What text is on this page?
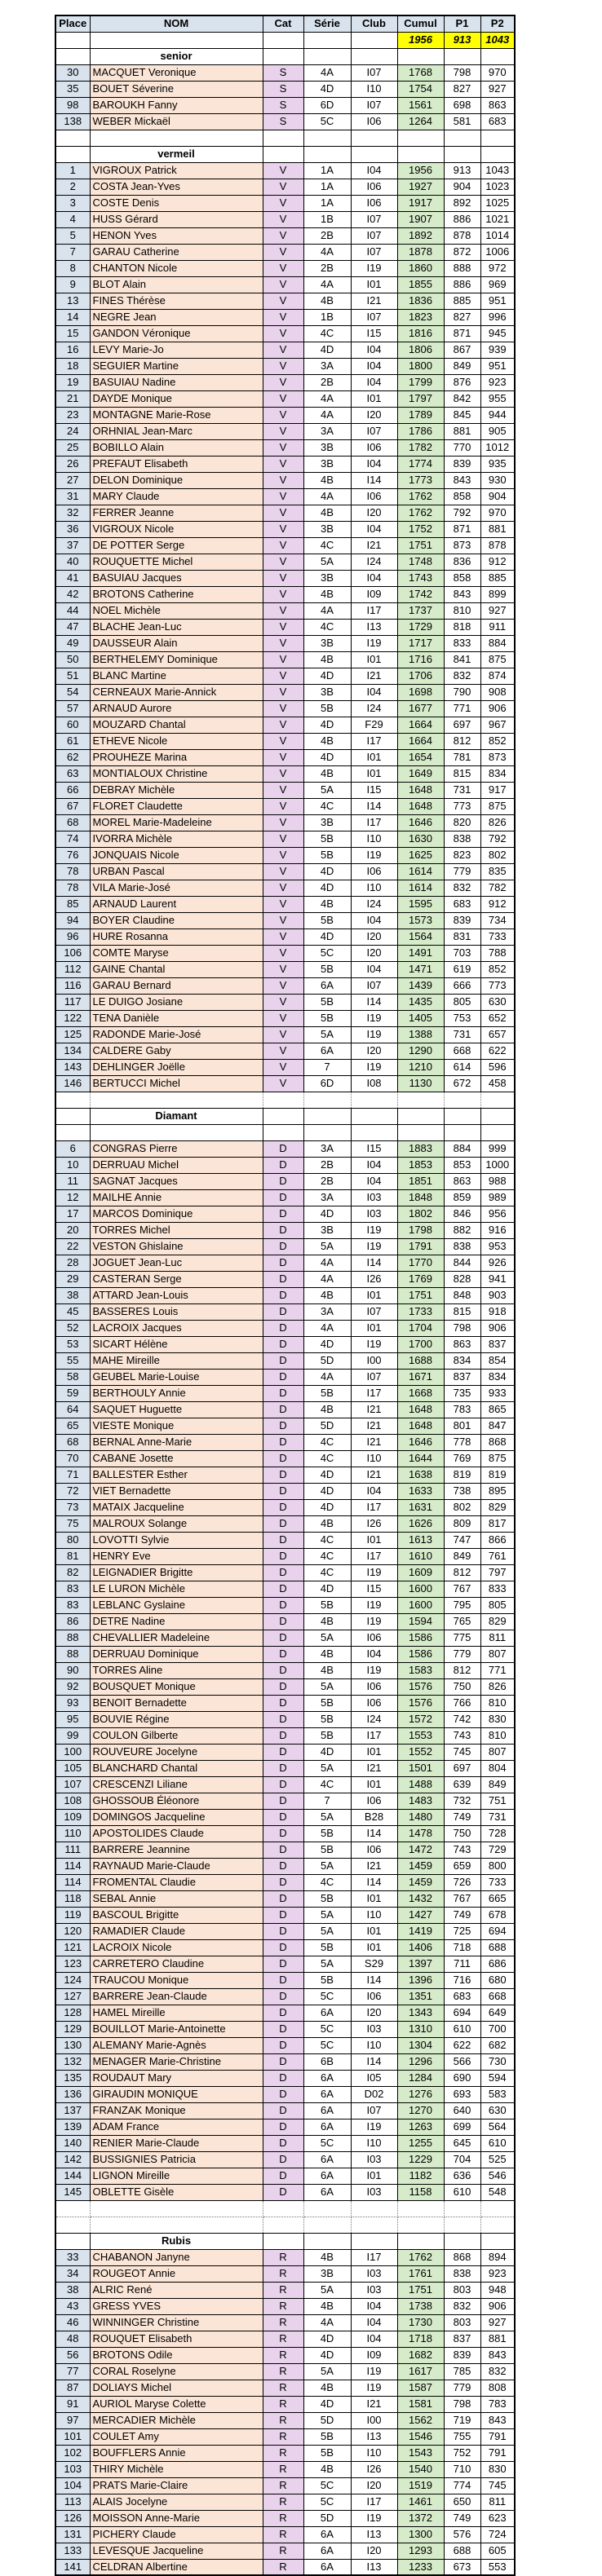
Place	NOM	Cat	Série	Club	Cumul	P1	P2
					1956	913	1043
	senior						
30	MACQUET Veronique	S	4A	I07	1768	798	970
35	BOUET Séverine	S	4D	I10	1754	827	927
98	BAROUKH Fanny	S	6D	I07	1561	698	863
138	WEBER Mickaël	S	5C	I06	1264	581	683

	vermeil						
1	VIGROUX Patrick	V	1A	I04	1956	913	1043
2	COSTA Jean-Yves	V	1A	I06	1927	904	1023
3	COSTE Denis	V	1A	I06	1917	892	1025
4	HUSS Gérard	V	1B	I07	1907	886	1021
5	HENON Yves	V	2B	I07	1892	878	1014
7	GARAU Catherine	V	4A	I07	1878	872	1006
8	CHANTON Nicole	V	2B	I19	1860	888	972
9	BLOT Alain	V	4A	I01	1855	886	969
13	FINES Thérèse	V	4B	I21	1836	885	951
14	NEGRE Jean	V	1B	I07	1823	827	996
15	GANDON Véronique	V	4C	I15	1816	871	945
16	LEVY Marie-Jo	V	4D	I04	1806	867	939
18	SEGUIER Martine	V	3A	I04	1800	849	951
19	BASUIAU Nadine	V	2B	I04	1799	876	923
21	DAYDE Monique	V	4A	I01	1797	842	955
23	MONTAGNE Marie-Rose	V	4A	I20	1789	845	944
24	ORHNIAL Jean-Marc	V	3A	I07	1786	881	905
25	BOBILLO Alain	V	3B	I06	1782	770	1012
26	PREFAUT Elisabeth	V	3B	I04	1774	839	935
27	DELON Dominique	V	4B	I14	1773	843	930
31	MARY Claude	V	4A	I06	1762	858	904
32	FERRER Jeanne	V	4B	I20	1762	792	970
36	VIGROUX Nicole	V	3B	I04	1752	871	881
37	DE POTTER Serge	V	4C	I21	1751	873	878
40	ROUQUETTE Michel	V	5A	I24	1748	836	912
41	BASUIAU Jacques	V	3B	I04	1743	858	885
42	BROTONS Catherine	V	4B	I09	1742	843	899
44	NOEL Michèle	V	4A	I17	1737	810	927
47	BLACHE Jean-Luc	V	4C	I13	1729	818	911
49	DAUSSEUR Alain	V	3B	I19	1717	833	884
50	BERTHELEMY Dominique	V	4B	I01	1716	841	875
51	BLANC Martine	V	4D	I21	1706	832	874
54	CERNEAUX Marie-Annick	V	3B	I04	1698	790	908
57	ARNAUD Aurore	V	5B	I24	1677	771	906
60	MOUZARD Chantal	V	4D	F29	1664	697	967
61	ETHEVE Nicole	V	4B	I17	1664	812	852
62	PROUHEZE Marina	V	4D	I01	1654	781	873
63	MONTIALOUX Christine	V	4B	I01	1649	815	834
66	DEBRAY Michèle	V	5A	I15	1648	731	917
67	FLORET Claudette	V	4C	I14	1648	773	875
68	MOREL Marie-Madeleine	V	3B	I17	1646	820	826
74	IVORRA Michèle	V	5B	I10	1630	838	792
76	JONQUAIS Nicole	V	5B	I19	1625	823	802
78	URBAN Pascal	V	4D	I06	1614	779	835
78	VILA Marie-José	V	4D	I10	1614	832	782
85	ARNAUD Laurent	V	4B	I24	1595	683	912
94	BOYER Claudine	V	5B	I04	1573	839	734
96	HURE Rosanna	V	4D	I20	1564	831	733
106	COMTE Maryse	V	5C	I20	1491	703	788
112	GAINE Chantal	V	5B	I04	1471	619	852
116	GARAU Bernard	V	6A	I07	1439	666	773
117	LE DUIGO Josiane	V	5B	I14	1435	805	630
122	TENA Danièle	V	5B	I19	1405	753	652
125	RADONDE Marie-José	V	5A	I19	1388	731	657
134	CALDERE Gaby	V	6A	I20	1290	668	622
143	DEHLINGER Joëlle	V	7	I19	1210	614	596
146	BERTUCCI Michel	V	6D	I08	1130	672	458

	Diamant						

6	CONGRAS Pierre	D	3A	I15	1883	884	999
10	DERRUAU Michel	D	2B	I04	1853	853	1000
11	SAGNAT Jacques	D	2B	I04	1851	863	988
12	MAILHE Annie	D	3A	I03	1848	859	989
17	MARCOS Dominique	D	4D	I03	1802	846	956
20	TORRES Michel	D	3B	I19	1798	882	916
22	VESTON Ghislaine	D	5A	I19	1791	838	953
28	JOGUET Jean-Luc	D	4A	I14	1770	844	926
29	CASTERAN Serge	D	4A	I26	1769	828	941
38	ATTARD Jean-Louis	D	4B	I01	1751	848	903
45	BASSERES Louis	D	3A	I07	1733	815	918
52	LACROIX Jacques	D	4A	I01	1704	798	906
53	SICART Hélène	D	4D	I19	1700	863	837
55	MAHE Mireille	D	5D	I00	1688	834	854
58	GEUBEL Marie-Louise	D	4A	I07	1671	837	834
59	BERTHOULY Annie	D	5B	I17	1668	735	933
64	SAQUET Huguette	D	4B	I21	1648	783	865
65	VIESTE Monique	D	5D	I21	1648	801	847
68	BERNAL Anne-Marie	D	4C	I21	1646	778	868
70	CABANE Josette	D	4C	I10	1644	769	875
71	BALLESTER Esther	D	4D	I21	1638	819	819
72	VIET Bernadette	D	4D	I04	1633	738	895
73	MATAIX Jacqueline	D	4D	I17	1631	802	829
75	MALROUX Solange	D	4B	I26	1626	809	817
80	LOVOTTI Sylvie	D	4C	I01	1613	747	866
81	HENRY Eve	D	4C	I17	1610	849	761
82	LEIGNADIER Brigitte	D	4C	I19	1609	812	797
83	LE LURON Michèle	D	4D	I15	1600	767	833
83	LEBLANC Gyslaine	D	5B	I19	1600	795	805
86	DETRE Nadine	D	4B	I19	1594	765	829
88	CHEVALLIER Madeleine	D	5A	I06	1586	775	811
88	DERRUAU Dominique	D	4B	I04	1586	779	807
90	TORRES Aline	D	4B	I19	1583	812	771
92	BOUSQUET Monique	D	5A	I06	1576	750	826
93	BENOIT Bernadette	D	5B	I06	1576	766	810
95	BOUVIE Régine	D	5B	I24	1572	742	830
99	COULON Gilberte	D	5B	I17	1553	743	810
100	ROUVEURE Jocelyne	D	4D	I01	1552	745	807
105	BLANCHARD Chantal	D	5A	I21	1501	697	804
107	CRESCENZI Liliane	D	4C	I01	1488	639	849
108	GHOSSOUB Éléonore	D	7	I06	1483	732	751
109	DOMINGOS Jacqueline	D	5A	B28	1480	749	731
110	APOSTOLIDES Claude	D	5B	I14	1478	750	728
111	BARRERE Jeannine	D	5B	I06	1472	743	729
114	RAYNAUD Marie-Claude	D	5A	I21	1459	659	800
114	FROMENTAL Claudie	D	4C	I14	1459	726	733
118	SEBAL Annie	D	5B	I01	1432	767	665
119	BASCOUL Brigitte	D	5A	I10	1427	749	678
120	RAMADIER Claude	D	5A	I01	1419	725	694
121	LACROIX Nicole	D	5B	I01	1406	718	688
123	CARRETERO Claudine	D	5A	S29	1397	711	686
124	TRAUCOU Monique	D	5B	I14	1396	716	680
127	BARRERE Jean-Claude	D	5C	I06	1351	683	668
128	HAMEL Mireille	D	6A	I20	1343	694	649
129	BOUILLOT Marie-Antoinette	D	5C	I03	1310	610	700
130	ALEMANY Marie-Agnès	D	5C	I10	1304	622	682
132	MENAGER Marie-Christine	D	6B	I14	1296	566	730
135	ROUDAUT Mary	D	6A	I05	1284	690	594
136	GIRAUDIN MONIQUE	D	6A	D02	1276	693	583
137	FRANZAK Monique	D	6A	I07	1270	640	630
139	ADAM France	D	6A	I19	1263	699	564
140	RENIER Marie-Claude	D	5C	I10	1255	645	610
142	BUSSIGNIES Patricia	D	6A	I03	1229	704	525
144	LIGNON Mireille	D	6A	I01	1182	636	546
145	OBLETTE Gisèle	D	6A	I03	1158	610	548

	Rubis						
33	CHABANON Janyne	R	4B	I17	1762	868	894
34	ROUGEOT Annie	R	3B	I03	1761	838	923
38	ALRIC René	R	5A	I03	1751	803	948
43	GRESS YVES	R	4B	I04	1738	832	906
46	WINNINGER Christine	R	4A	I04	1730	803	927
48	ROUQUET Elisabeth	R	4D	I04	1718	837	881
56	BROTONS Odile	R	4D	I09	1682	839	843
77	CORAL Roselyne	R	5A	I19	1617	785	832
87	DOLIAYS Michel	R	4B	I19	1587	779	808
91	AURIOL Maryse Colette	R	4D	I21	1581	798	783
97	MERCADIER Michèle	R	5D	I00	1562	719	843
101	COULET Amy	R	5B	I13	1546	755	791
102	BOUFFLERS Annie	R	5B	I10	1543	752	791
103	THIRY Michèle	R	4B	I26	1540	710	830
104	PRATS Marie-Claire	R	5C	I20	1519	774	745
113	ALAIS Jocelyne	R	5C	I17	1461	650	811
126	MOISSON Anne-Marie	R	5D	I19	1372	749	623
131	PICHERY Claude	R	6A	I13	1300	576	724
133	LEVESQUE Jacqueline	R	6A	I20	1293	688	605
141	CELDRAN Albertine	R	6A	I13	1233	673	553
